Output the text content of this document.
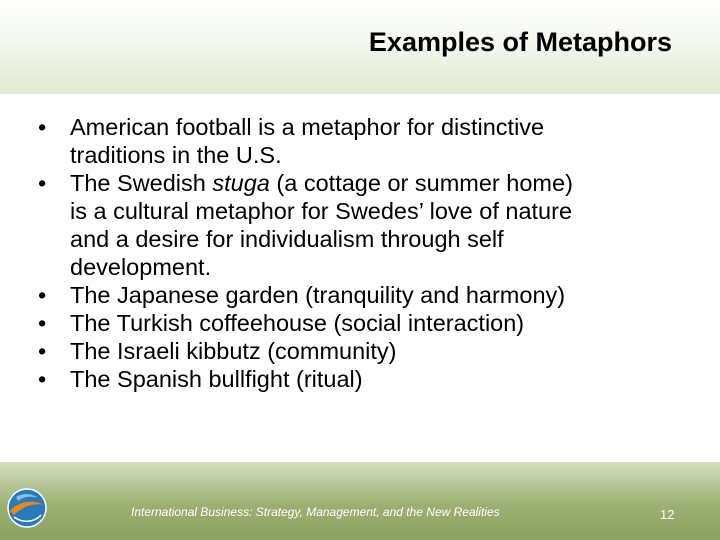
Examples of Metaphors
•	American football is a metaphor for distinctive
traditions in the U.S.
•	The Swedish stuga (a cottage or summer home)
is a cultural metaphor for Swedes’ love of nature
and a desire for individualism through self
development.
•	The Japanese garden (tranquility and harmony)
•	The Turkish coffeehouse (social interaction)
•	The Israeli kibbutz (community)
•	The Spanish bullfight (ritual)
International Business: Strategy, Management, and the New Realities	12
